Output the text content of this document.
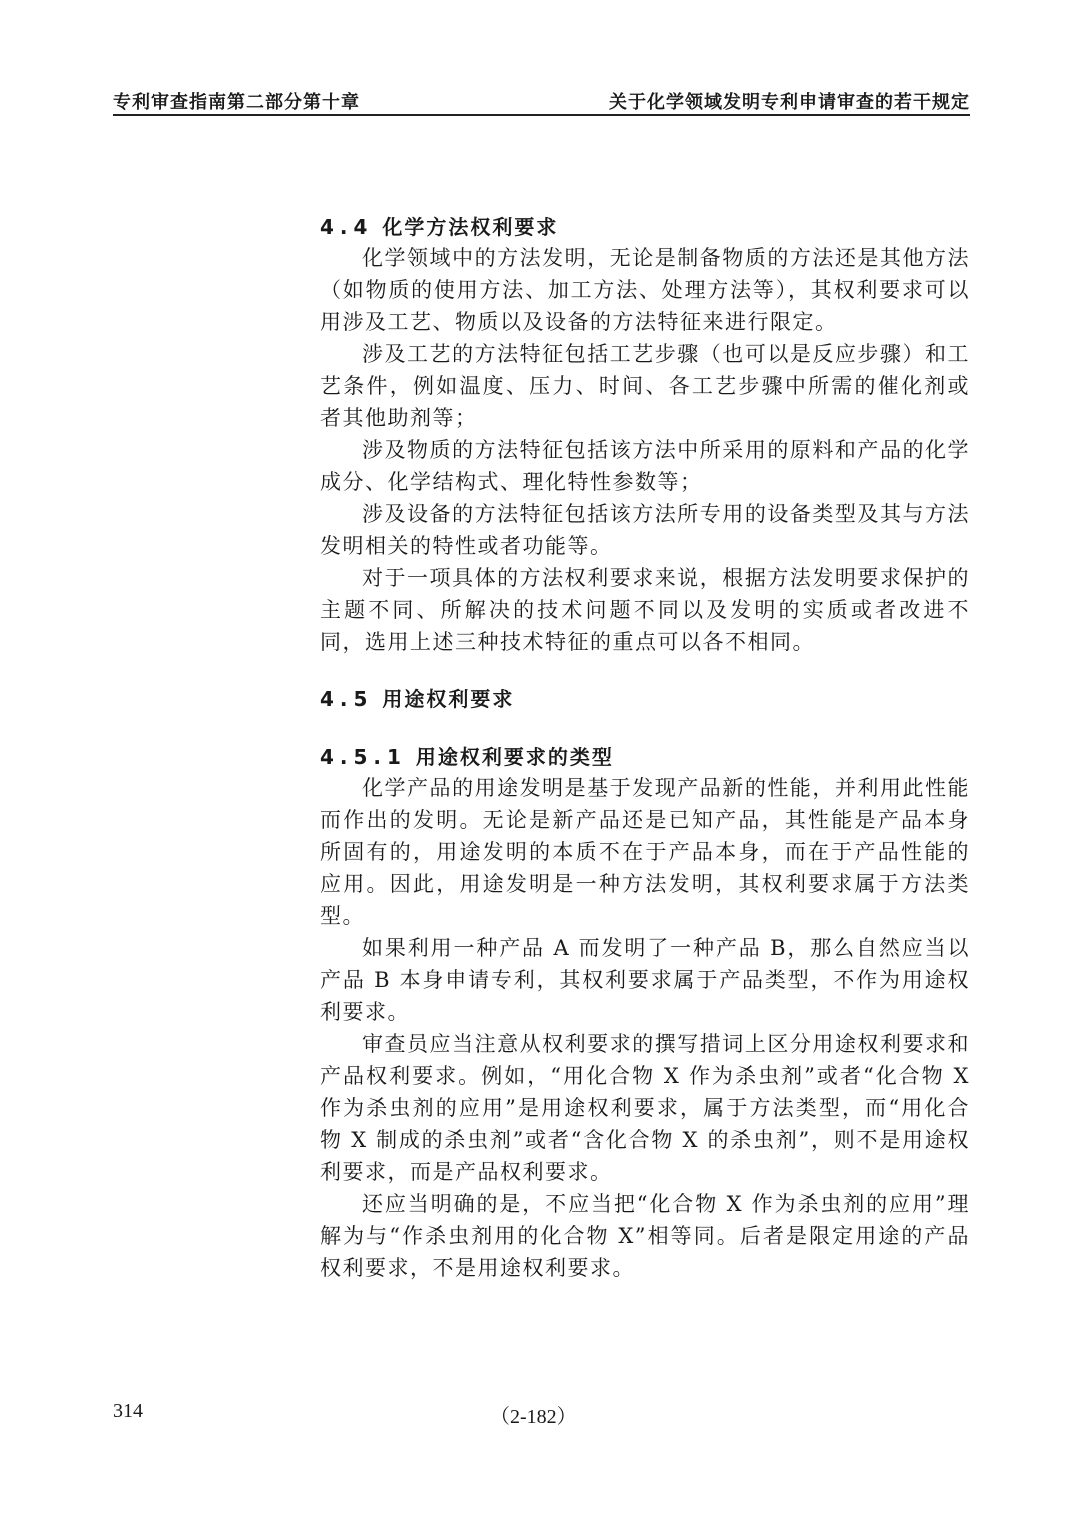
专利审查指南第二部分第十章	关于化学领域发明专利申请审查的若干规定
4.4 化学方法权利要求

化学领域中的方法发明，无论是制备物质的方法还是其他方法（如物质的使用方法、加工方法、处理方法等），其权利要求可以用涉及工艺、物质以及设备的方法特征来进行限定。

涉及工艺的方法特征包括工艺步骤（也可以是反应步骤）和工艺条件，例如温度、压力、时间、各工艺步骤中所需的催化剂或者其他助剂等；

涉及物质的方法特征包括该方法中所采用的原料和产品的化学成分、化学结构式、理化特性参数等；

涉及设备的方法特征包括该方法所专用的设备类型及其与方法发明相关的特性或者功能等。

对于一项具体的方法权利要求来说，根据方法发明要求保护的主题不同、所解决的技术问题不同以及发明的实质或者改进不同，选用上述三种技术特征的重点可以各不相同。

4.5 用途权利要求
4.5.1 用途权利要求的类型

化学产品的用途发明是基于发现产品新的性能，并利用此性能而作出的发明。无论是新产品还是已知产品，其性能是产品本身所固有的，用途发明的本质不在于产品本身，而在于产品性能的应用。因此，用途发明是一种方法发明，其权利要求属于方法类型。

如果利用一种产品 A 而发明了一种产品 B，那么自然应当以产品 B 本身申请专利，其权利要求属于产品类型，不作为用途权利要求。

审查员应当注意从权利要求的撰写措词上区分用途权利要求和产品权利要求。例如，“用化合物 X 作为杀虫剂”或者“化合物 X 作为杀虫剂的应用”是用途权利要求，属于方法类型，而“用化合物 X 制成的杀虫剂”或者“含化合物 X 的杀虫剂”，则不是用途权利要求，而是产品权利要求。

还应当明确的是，不应当把“化合物 X 作为杀虫剂的应用”理解为与“作杀虫剂用的化合物 X”相等同。后者是限定用途的产品权利要求，不是用途权利要求。

314	（2-182）
